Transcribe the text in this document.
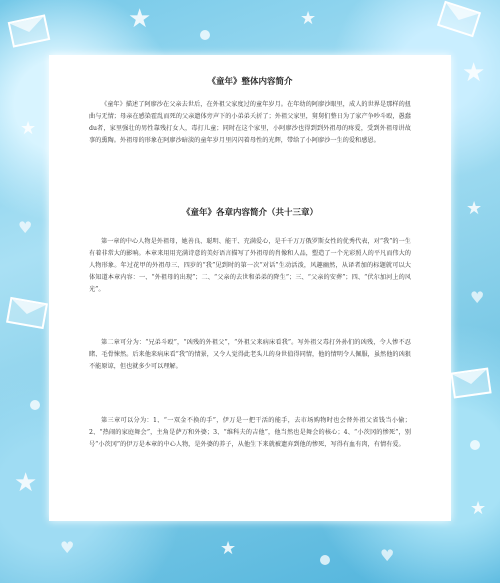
★	★
★
★
★
★
★
★
♥
♥
♥
♥
《童年》整体内容简介

《童年》描述了阿廖沙在父亲去世后，在外祖父家度过的童年岁月。在年幼的阿廖沙眼里，成人的世界是那样的扭曲与无情；母亲在感染霍乱而死的父亲遗体旁声下的小弟弟夭折了；外祖父家里，舅舅们整日为了家产争吵斗殴，愚蠢du者，家里强壮的男性靠残打女人，毒打儿童；同时在这个家里，小阿廖沙也得到到外祖母的疼爱，受到外祖母讲故事的熏陶。外祖母的形象在阿廖沙暗淡的童年岁月里闪闪着母性的光辉，带给了小阿廖沙一生的爱和感恩。

《童年》各章内容简介（共十三章）

第一章的中心人物是外祖母，她善良、聪明、能干、充满爱心，是千千万万俄罗斯女性的优秀代表，对“我”的一生有着非常大的影响。本章来用用充满诗意的美好语言描写了外祖母的肖像和人品，塑造了一个光彩照人的平凡而伟大的人物形象。年过花甲的外祖母三、四岁的“我”见到时的第一次“对话”生动活泼，风趣幽然，从译者加的标题就可以大体知道本章内容：一、“外祖母的出现”；二、“父亲的去世和弟弟的降生”；三、“父亲的安葬”；四、“伏尔加河上的风光”。

第二章可分为：“兄弟斗殴”，“凶残的外祖父”，“外祖父来病床看我”。写外祖父毒打外孙们的凶残，令人惨不忍睹、毛骨悚然。后来他来病床看“我”的情景，又令人觉得此老头儿的身世值得同情，他的情明令人佩服，虽然他的凶狠不能原谅，但也就多少可以理解。

第三章可以分为：1、“一双金不换的手”，伊万是一把干活的能手，去市场购物时也会替外祖父省钱当小偷；2、“热闹的家庭舞会”，主角是萨万和外婆；3、“维科夫的吉他”，他当然也是舞会的核心；4、“小茨冈的惨死”，别号“小茨冈”的伊万是本章的中心人物，是外婆的养子，从他生下来就被遗弃到他的惨死，写得有血有肉，有情有爱。
